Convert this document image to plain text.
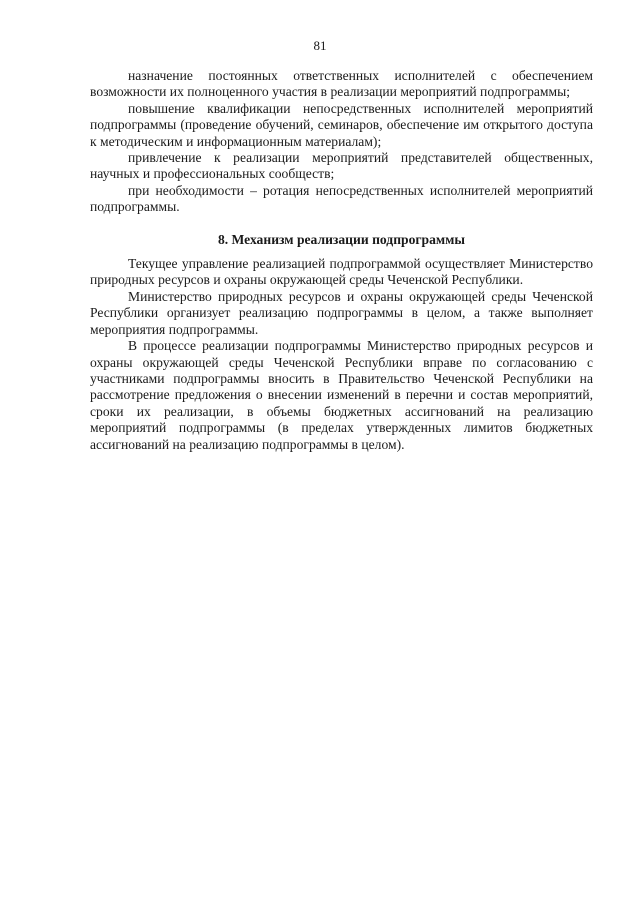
81

назначение постоянных ответственных исполнителей с обеспечением возможности их полноценного участия в реализации мероприятий подпрограммы;

повышение квалификации непосредственных исполнителей мероприятий подпрограммы (проведение обучений, семинаров, обеспечение им открытого доступа к методическим и информационным материалам);

привлечение к реализации мероприятий представителей общественных, научных и профессиональных сообществ;

при необходимости – ротация непосредственных исполнителей мероприятий подпрограммы.

8. Механизм реализации подпрограммы

Текущее управление реализацией подпрограммой осуществляет Министерство природных ресурсов и охраны окружающей среды Чеченской Республики.

Министерство природных ресурсов и охраны окружающей среды Чеченской Республики организует реализацию подпрограммы в целом, а также выполняет мероприятия подпрограммы.

В процессе реализации подпрограммы Министерство природных ресурсов и охраны окружающей среды Чеченской Республики вправе по согласованию с участниками подпрограммы вносить в Правительство Чеченской Республики на рассмотрение предложения о внесении изменений в перечни и состав мероприятий, сроки их реализации, в объемы бюджетных ассигнований на реализацию мероприятий подпрограммы (в пределах утвержденных лимитов бюджетных ассигнований на реализацию подпрограммы в целом).
